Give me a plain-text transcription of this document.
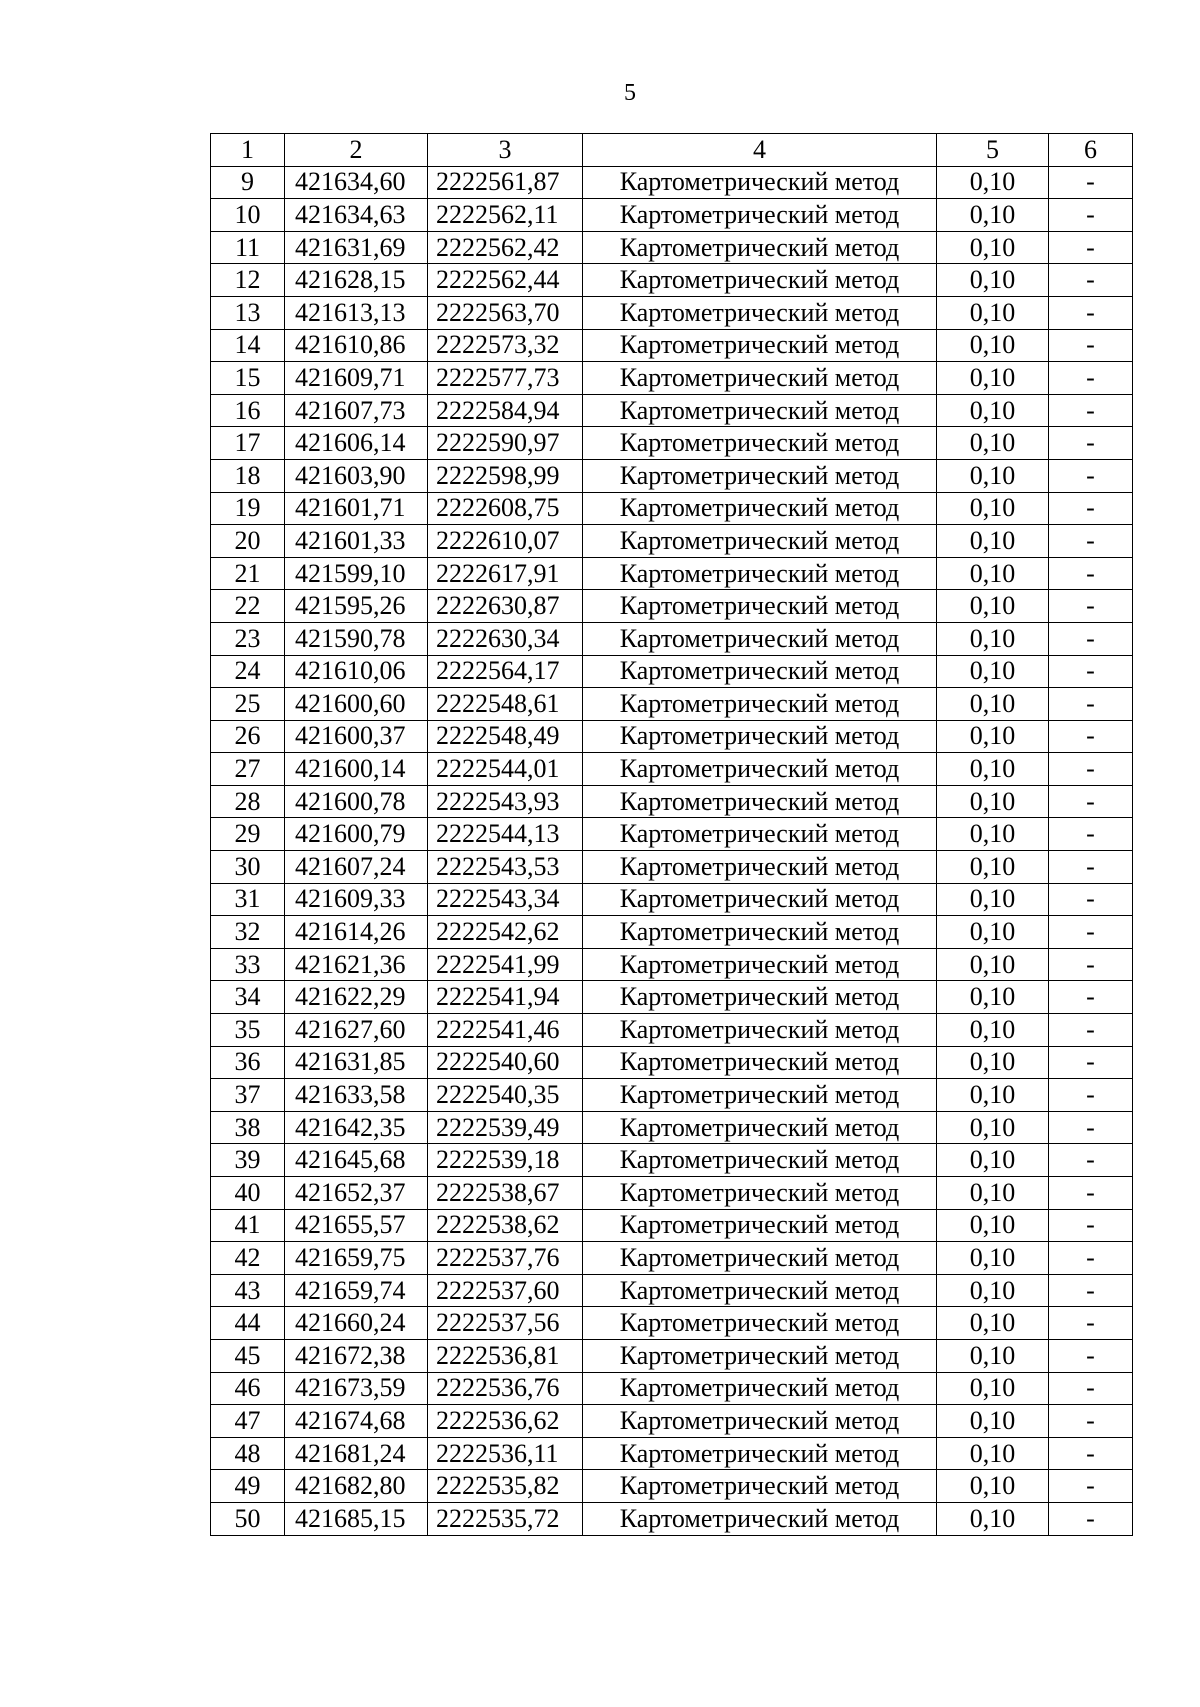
5
1	2	3	4	5	6
9	421634,60	2222561,87	Картометрический метод	0,10	-
10	421634,63	2222562,11	Картометрический метод	0,10	-
11	421631,69	2222562,42	Картометрический метод	0,10	-
12	421628,15	2222562,44	Картометрический метод	0,10	-
13	421613,13	2222563,70	Картометрический метод	0,10	-
14	421610,86	2222573,32	Картометрический метод	0,10	-
15	421609,71	2222577,73	Картометрический метод	0,10	-
16	421607,73	2222584,94	Картометрический метод	0,10	-
17	421606,14	2222590,97	Картометрический метод	0,10	-
18	421603,90	2222598,99	Картометрический метод	0,10	-
19	421601,71	2222608,75	Картометрический метод	0,10	-
20	421601,33	2222610,07	Картометрический метод	0,10	-
21	421599,10	2222617,91	Картометрический метод	0,10	-
22	421595,26	2222630,87	Картометрический метод	0,10	-
23	421590,78	2222630,34	Картометрический метод	0,10	-
24	421610,06	2222564,17	Картометрический метод	0,10	-
25	421600,60	2222548,61	Картометрический метод	0,10	-
26	421600,37	2222548,49	Картометрический метод	0,10	-
27	421600,14	2222544,01	Картометрический метод	0,10	-
28	421600,78	2222543,93	Картометрический метод	0,10	-
29	421600,79	2222544,13	Картометрический метод	0,10	-
30	421607,24	2222543,53	Картометрический метод	0,10	-
31	421609,33	2222543,34	Картометрический метод	0,10	-
32	421614,26	2222542,62	Картометрический метод	0,10	-
33	421621,36	2222541,99	Картометрический метод	0,10	-
34	421622,29	2222541,94	Картометрический метод	0,10	-
35	421627,60	2222541,46	Картометрический метод	0,10	-
36	421631,85	2222540,60	Картометрический метод	0,10	-
37	421633,58	2222540,35	Картометрический метод	0,10	-
38	421642,35	2222539,49	Картометрический метод	0,10	-
39	421645,68	2222539,18	Картометрический метод	0,10	-
40	421652,37	2222538,67	Картометрический метод	0,10	-
41	421655,57	2222538,62	Картометрический метод	0,10	-
42	421659,75	2222537,76	Картометрический метод	0,10	-
43	421659,74	2222537,60	Картометрический метод	0,10	-
44	421660,24	2222537,56	Картометрический метод	0,10	-
45	421672,38	2222536,81	Картометрический метод	0,10	-
46	421673,59	2222536,76	Картометрический метод	0,10	-
47	421674,68	2222536,62	Картометрический метод	0,10	-
48	421681,24	2222536,11	Картометрический метод	0,10	-
49	421682,80	2222535,82	Картометрический метод	0,10	-
50	421685,15	2222535,72	Картометрический метод	0,10	-
